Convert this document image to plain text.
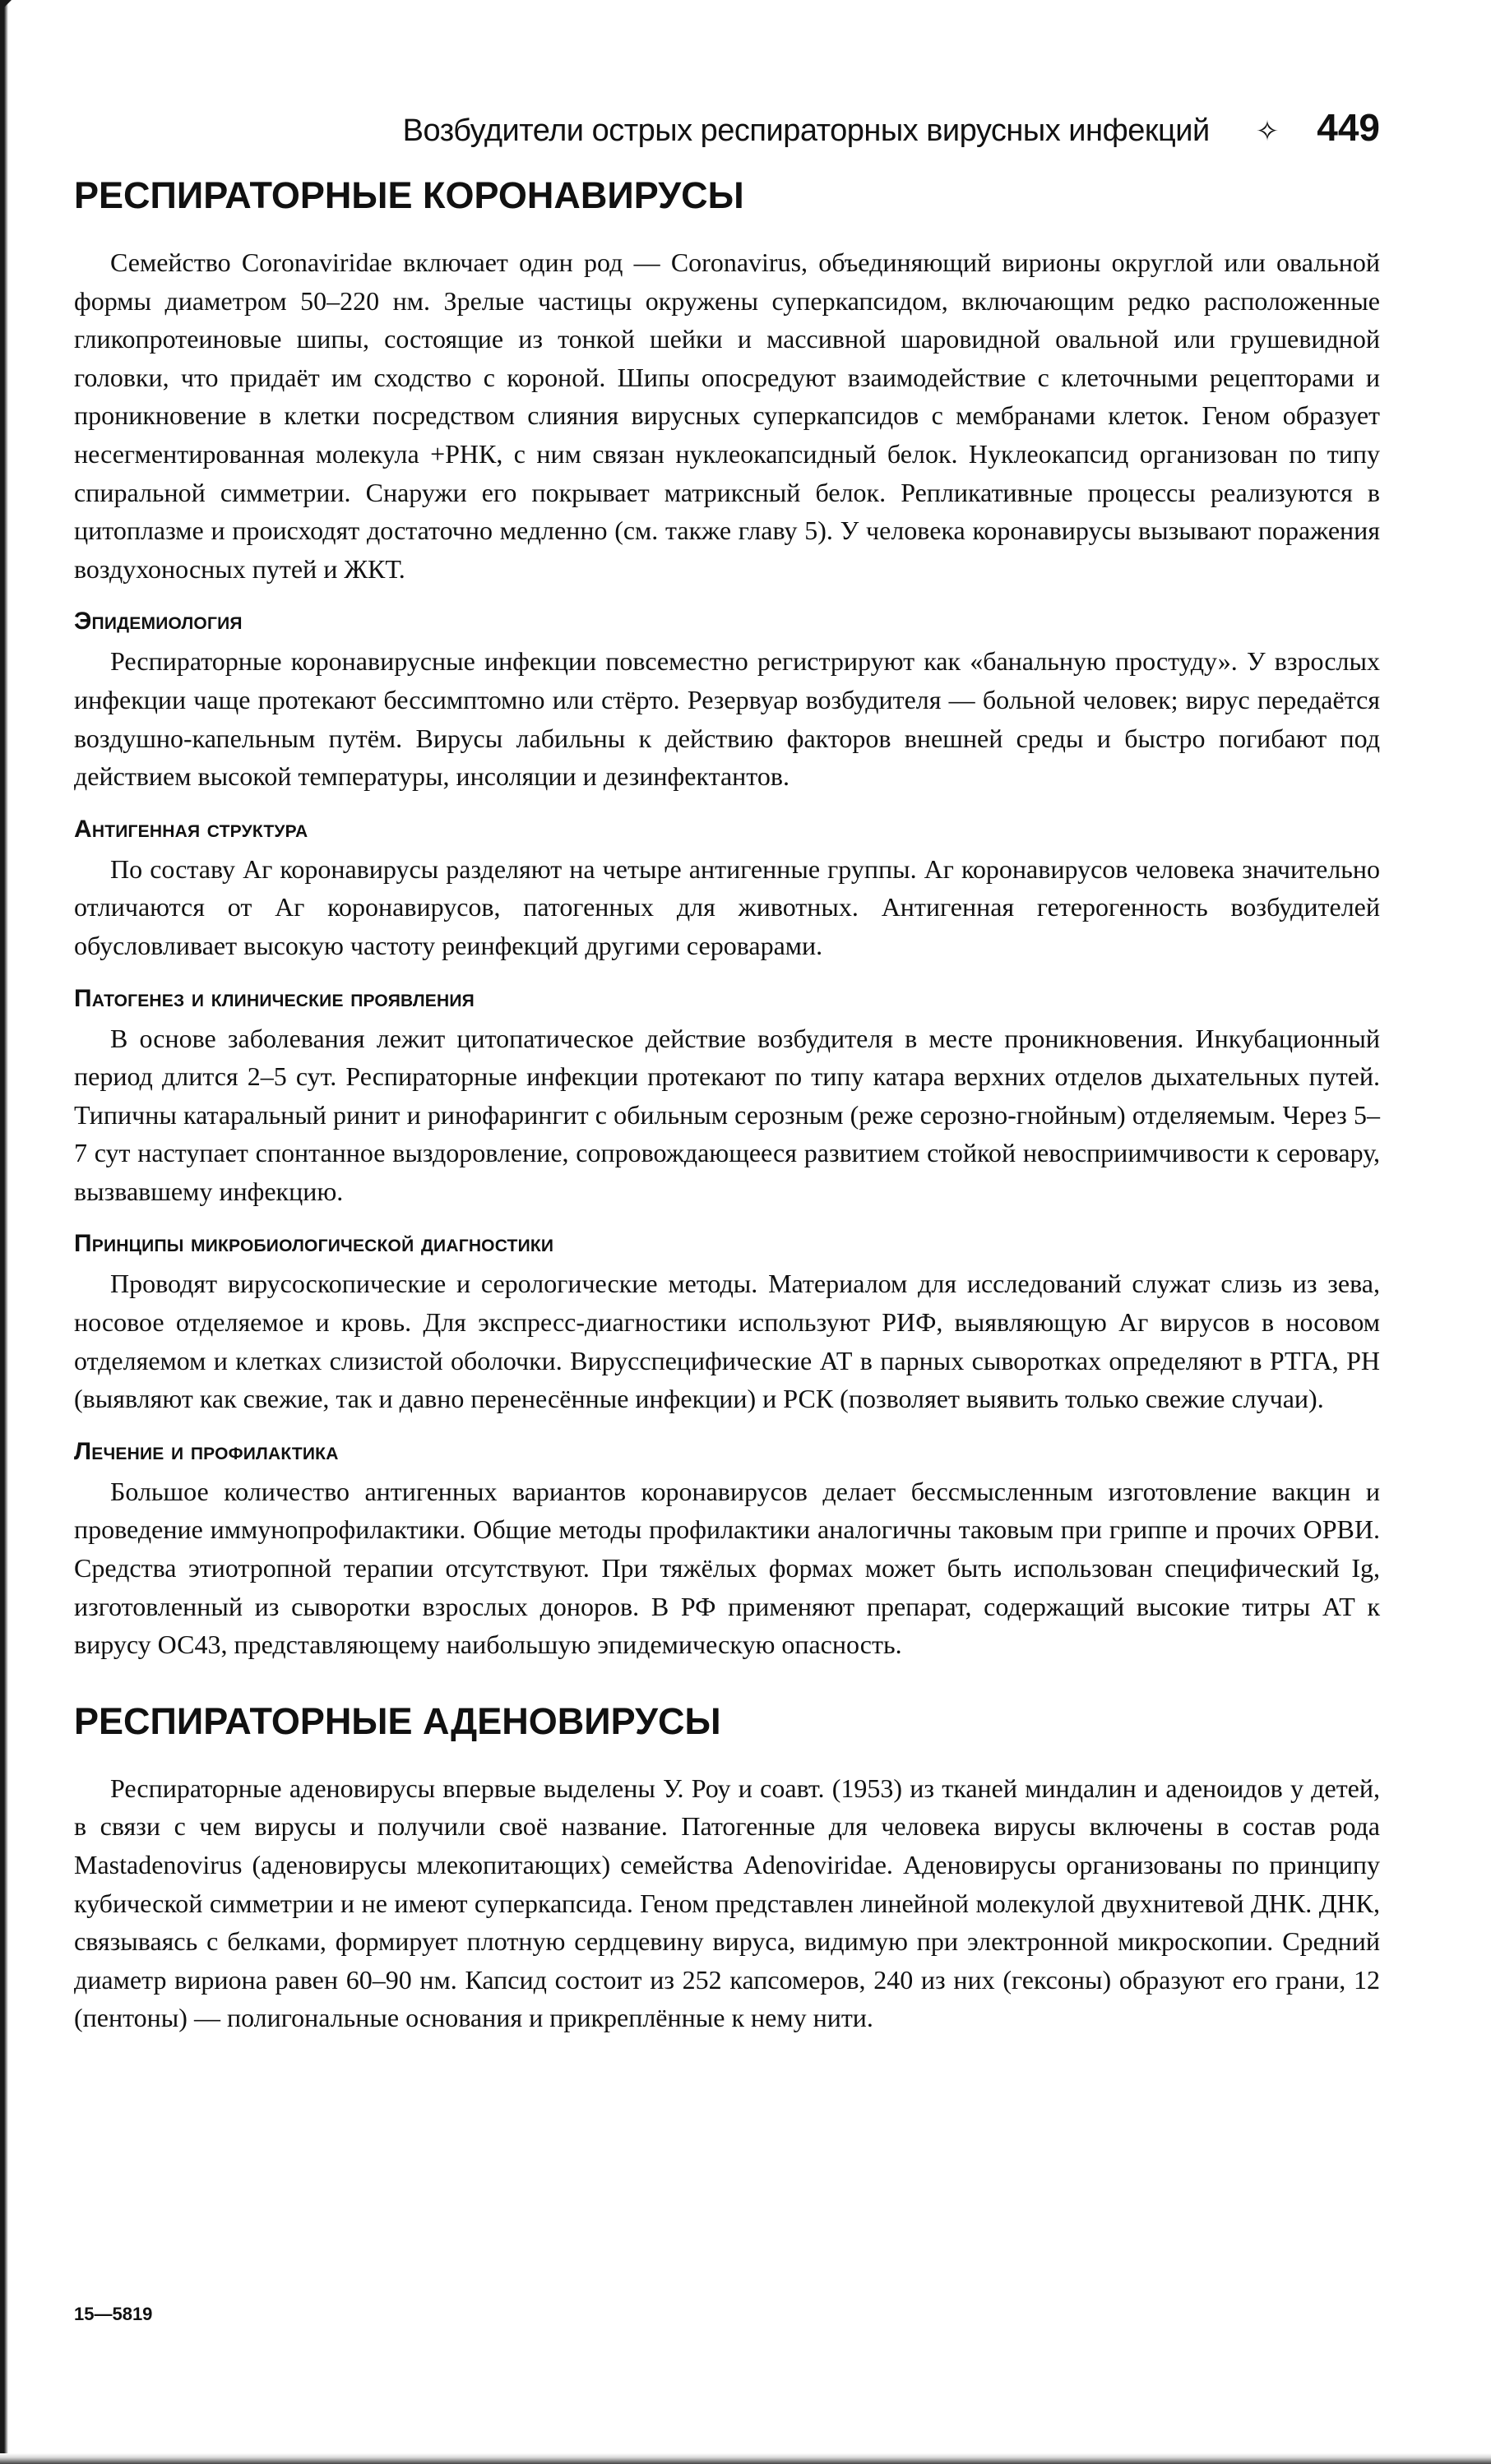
Возбудители острых респираторных вирусных инфекций ✧ 449
РЕСПИРАТОРНЫЕ КОРОНАВИРУСЫ

Семейство Coronaviridae включает один род — Coronavirus, объединяющий вирионы округлой или овальной формы диаметром 50–220 нм. Зрелые частицы окружены суперкапсидом, включающим редко расположенные гликопротеиновые шипы, состоящие из тонкой шейки и массивной шаровидной овальной или грушевидной головки, что придаёт им сходство с короной. Шипы опосредуют взаимодействие с клеточными рецепторами и проникновение в клетки посредством слияния вирусных суперкапсидов с мембранами клеток. Геном образует несегментированная молекула +РНК, с ним связан нуклеокапсидный белок. Нуклеокапсид организован по типу спиральной симметрии. Снаружи его покрывает матриксный белок. Репликативные процессы реализуются в цитоплазме и происходят достаточно медленно (см. также главу 5). У человека коронавирусы вызывают поражения воздухоносных путей и ЖКТ.

Эпидемиология

Респираторные коронавирусные инфекции повсеместно регистрируют как «банальную простуду». У взрослых инфекции чаще протекают бессимптомно или стёрто. Резервуар возбудителя — больной человек; вирус передаётся воздушно-капельным путём. Вирусы лабильны к действию факторов внешней среды и быстро погибают под действием высокой температуры, инсоляции и дезинфектантов.

Антигенная структура

По составу Аг коронавирусы разделяют на четыре антигенные группы. Аг коронавирусов человека значительно отличаются от Аг коронавирусов, патогенных для животных. Антигенная гетерогенность возбудителей обусловливает высокую частоту реинфекций другими сероварами.

Патогенез и клинические проявления

В основе заболевания лежит цитопатическое действие возбудителя в месте проникновения. Инкубационный период длится 2–5 сут. Респираторные инфекции протекают по типу катара верхних отделов дыхательных путей. Типичны катаральный ринит и ринофарингит с обильным серозным (реже серозно-гнойным) отделяемым. Через 5–7 сут наступает спонтанное выздоровление, сопровождающееся развитием стойкой невосприимчивости к серовару, вызвавшему инфекцию.

Принципы микробиологической диагностики

Проводят вирусоскопические и серологические методы. Материалом для исследований служат слизь из зева, носовое отделяемое и кровь. Для экспресс-диагностики используют РИФ, выявляющую Аг вирусов в носовом отделяемом и клетках слизистой оболочки. Вирусспецифические АТ в парных сыворотках определяют в РТГА, РН (выявляют как свежие, так и давно перенесённые инфекции) и РСК (позволяет выявить только свежие случаи).

Лечение и профилактика

Большое количество антигенных вариантов коронавирусов делает бессмысленным изготовление вакцин и проведение иммунопрофилактики. Общие методы профилактики аналогичны таковым при гриппе и прочих ОРВИ. Средства этиотропной терапии отсутствуют. При тяжёлых формах может быть использован специфический Ig, изготовленный из сыворотки взрослых доноров. В РФ применяют препарат, содержащий высокие титры АТ к вирусу ОС43, представляющему наибольшую эпидемическую опасность.

РЕСПИРАТОРНЫЕ АДЕНОВИРУСЫ

Респираторные аденовирусы впервые выделены У. Роу и соавт. (1953) из тканей миндалин и аденоидов у детей, в связи с чем вирусы и получили своё название. Патогенные для человека вирусы включены в состав рода Mastadenovirus (аденовирусы млекопитающих) семейства Adenoviridae. Аденовирусы организованы по принципу кубической симметрии и не имеют суперкапсида. Геном представлен линейной молекулой двухнитевой ДНК. ДНК, связываясь с белками, формирует плотную сердцевину вируса, видимую при электронной микроскопии. Средний диаметр вириона равен 60–90 нм. Капсид состоит из 252 капсомеров, 240 из них (гексоны) образуют его грани, 12 (пентоны) — полигональные основания и прикреплённые к нему нити.

15—5819
